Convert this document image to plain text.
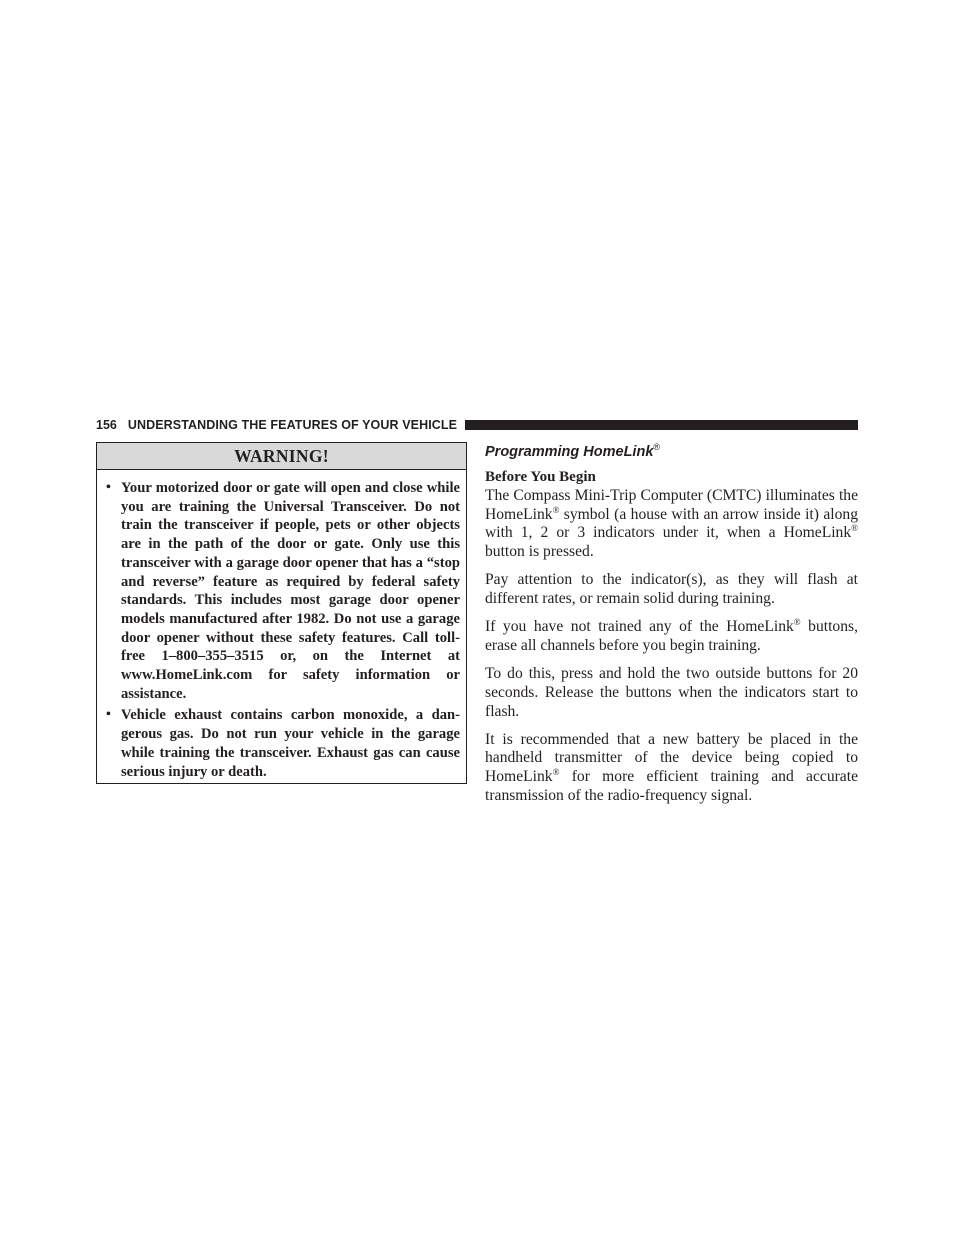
156 UNDERSTANDING THE FEATURES OF YOUR VEHICLE
WARNING!
• Your motorized door or gate will open and close while you are training the Universal Transceiver. Do not train the transceiver if people, pets or other objects are in the path of the door or gate. Only use this transceiver with a garage door opener that has a “stop and reverse” feature as required by federal safety standards. This includes most garage door opener models manufactured after 1982. Do not use a garage door opener without these safety features. Call toll-free 1–800–355–3515 or, on the Internet at www.HomeLink.com for safety information or assistance.
• Vehicle exhaust contains carbon monoxide, a dangerous gas. Do not run your vehicle in the garage while training the transceiver. Exhaust gas can cause serious injury or death.
Programming HomeLink®
Before You Begin

The Compass Mini-Trip Computer (CMTC) illuminates the HomeLink® symbol (a house with an arrow inside it) along with 1, 2 or 3 indicators under it, when a HomeLink® button is pressed.

Pay attention to the indicator(s), as they will flash at different rates, or remain solid during training.

If you have not trained any of the HomeLink® buttons, erase all channels before you begin training.

To do this, press and hold the two outside buttons for 20 seconds. Release the buttons when the indicators start to flash.

It is recommended that a new battery be placed in the handheld transmitter of the device being copied to HomeLink® for more efficient training and accurate transmission of the radio-frequency signal.
